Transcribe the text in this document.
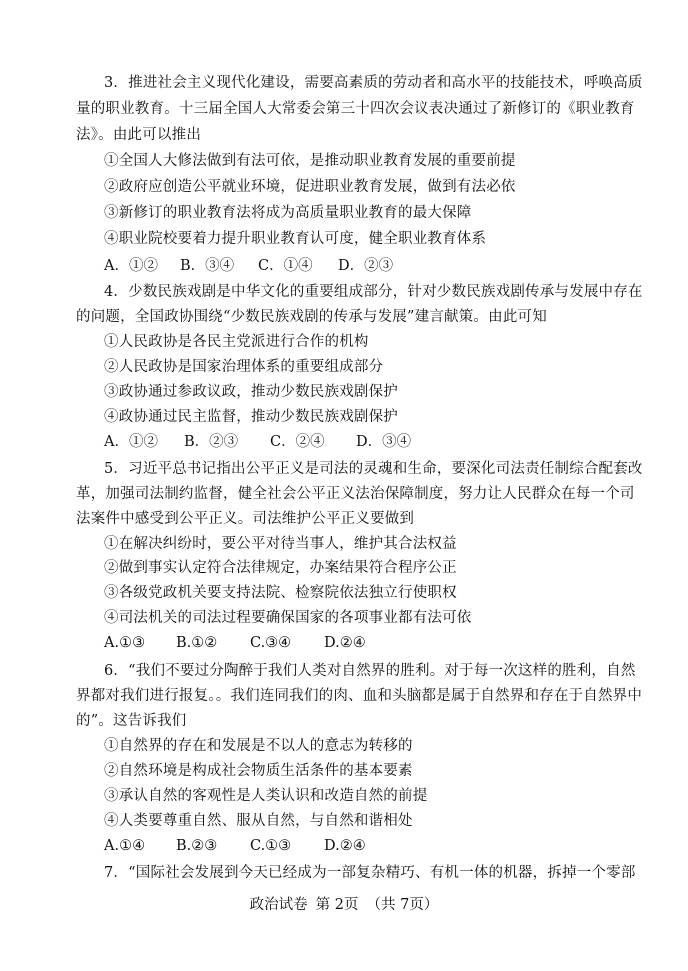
3．推进社会主义现代化建设，需要高素质的劳动者和高水平的技能技术，呼唤高质
量的职业教育。十三届全国人大常委会第三十四次会议表决通过了新修订的《职业教育
法》。由此可以推出
①全国人大修法做到有法可依，是推动职业教育发展的重要前提
②政府应创造公平就业环境，促进职业教育发展，做到有法必依
③新修订的职业教育法将成为高质量职业教育的最大保障
④职业院校要着力提升职业教育认可度，健全职业教育体系
A．①② B．③④ C．①④ D．②③
4．少数民族戏剧是中华文化的重要组成部分，针对少数民族戏剧传承与发展中存在
的问题，全国政协围绕“少数民族戏剧的传承与发展”建言献策。由此可知
①人民政协是各民主党派进行合作的机构
②人民政协是国家治理体系的重要组成部分
③政协通过参政议政，推动少数民族戏剧保护
④政协通过民主监督，推动少数民族戏剧保护
A．①② B．②③ C．②④ D．③④
5．习近平总书记指出公平正义是司法的灵魂和生命，要深化司法责任制综合配套改
革，加强司法制约监督，健全社会公平正义法治保障制度，努力让人民群众在每一个司
法案件中感受到公平正义。司法维护公平正义要做到
①在解决纠纷时，要公平对待当事人，维护其合法权益
②做到事实认定符合法律规定，办案结果符合程序公正
③各级党政机关要支持法院、检察院依法独立行使职权
④司法机关的司法过程要确保国家的各项事业都有法可依
A.①③ B.①② C.③④ D.②④
6．“我们不要过分陶醉于我们人类对自然界的胜利。对于每一次这样的胜利，自然
界都对我们进行报复。。我们连同我们的肉、血和头脑都是属于自然界和存在于自然界中
的”。这告诉我们
①自然界的存在和发展是不以人的意志为转移的
②自然环境是构成社会物质生活条件的基本要素
③承认自然的客观性是人类认识和改造自然的前提
④人类要尊重自然、服从自然，与自然和谐相处
A.①④ B.②③ C.①③ D.②④
7．“国际社会发展到今天已经成为一部复杂精巧、有机一体的机器，拆掉一个零部
政治试卷 第 2页 （共 7页）
